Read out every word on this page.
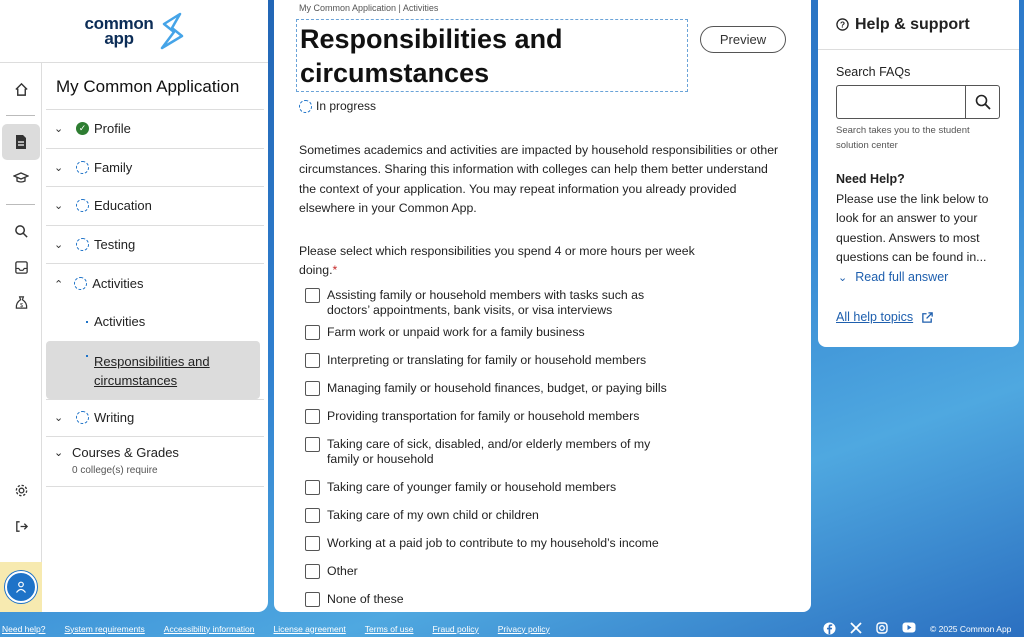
common
app
$
My Common Application
⌄	✓ Profile
⌄	Family
⌄	Education
⌄	Testing
⌄ Activities
Activities
Responsibilities and circumstances
⌄	Writing
⌄ Courses & Grades
0 college(s) require
My Common Application | Activities
Responsibilities and circumstances
Preview
In progress

Sometimes academics and activities are impacted by household responsibilities or other circumstances. Sharing this information with colleges can help them better understand the context of your application. You may repeat information you already provided elsewhere in your Common App.

Please select which responsibilities you spend 4 or more hours per week doing.*
Assisting family or household members with tasks such as doctors’ appointments, bank visits, or visa interviews
Farm work or unpaid work for a family business
Interpreting or translating for family or household members
Managing family or household finances, budget, or paying bills
Providing transportation for family or household members
Taking care of sick, disabled, and/or elderly members of my family or household
Taking care of younger family or household members
Taking care of my own child or children
Working at a paid job to contribute to my household’s income
Other
None of these
? Help & support
Search FAQs
Search takes you to the student solution center
Need Help?
Please use the link below to look for an answer to your question. Answers to most questions can be found in...
⌄ Read full answer
All help topics
Need help? System requirements Accessibility information License agreement Terms of use Fraud policy Privacy policy	© 2025 Common App
